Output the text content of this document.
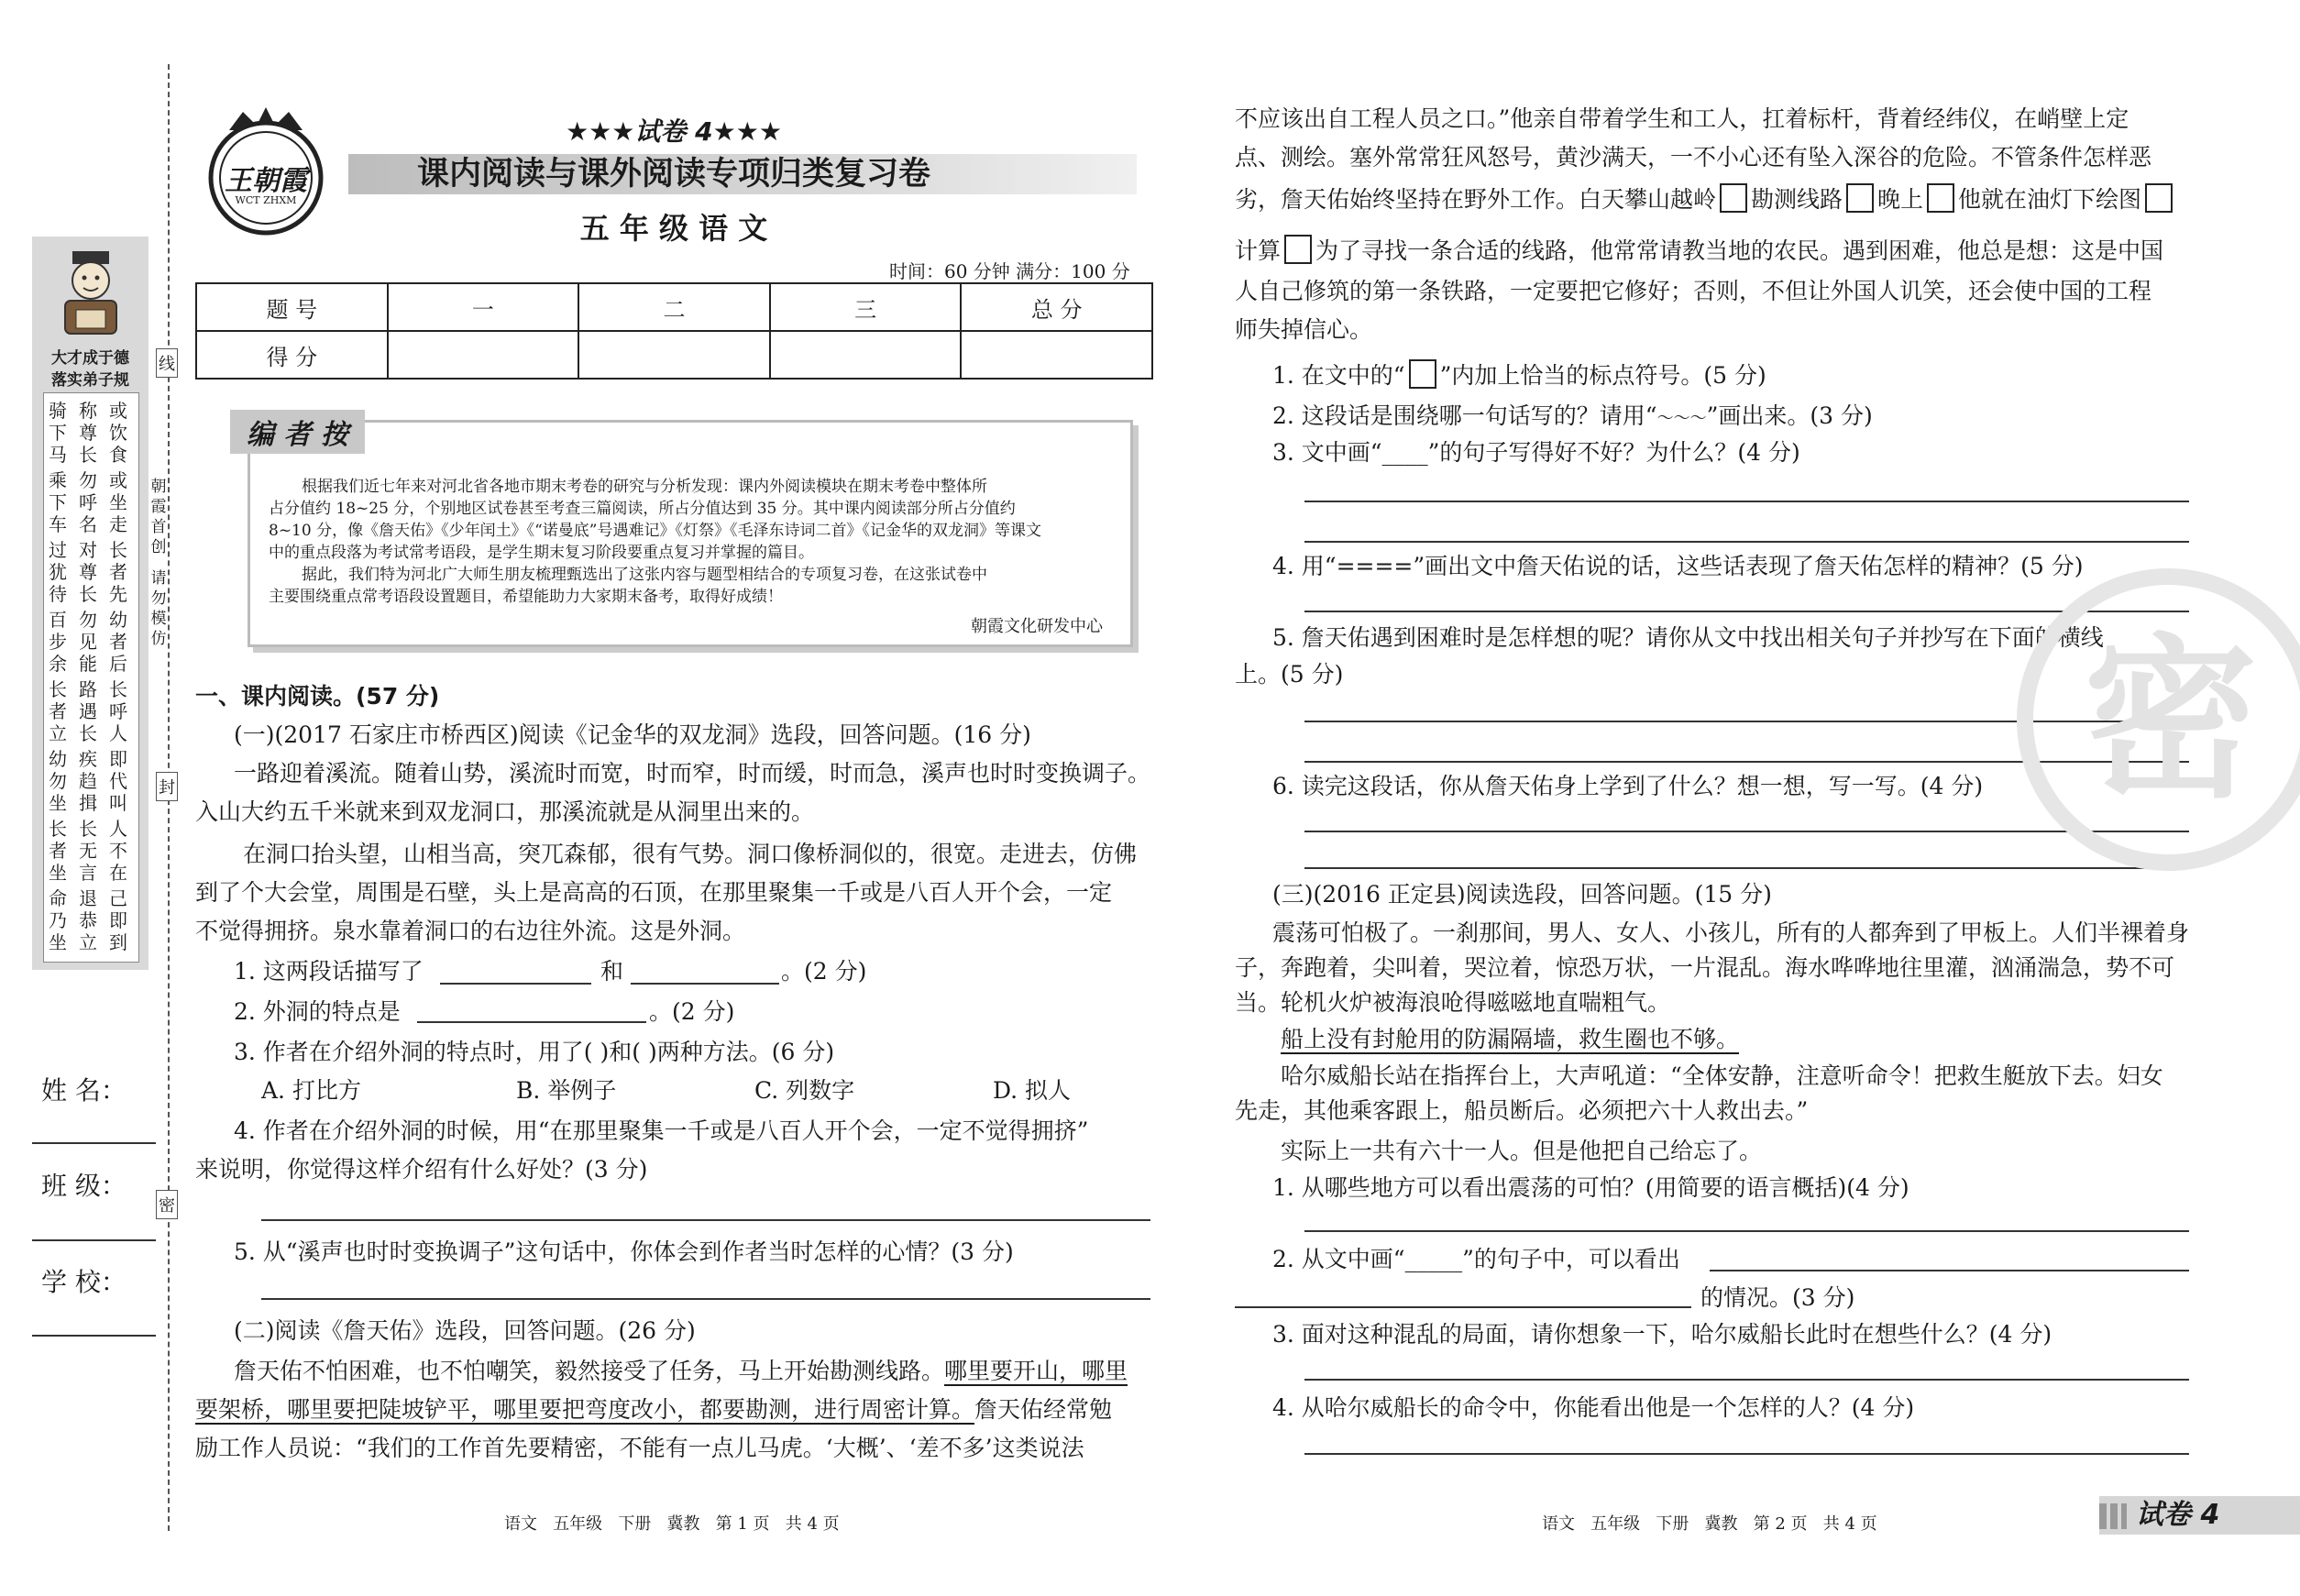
线
封
密
朝霞首创
请勿模仿
大才成于德
落实弟子规
骑下马
称尊长
或饮食
乘下车
勿呼名
或坐走
过犹待
对尊长
长者先
百步余
勿见能
幼者后
长者立
路遇长
长呼人
幼勿坐
疾趋揖
即代叫
长者坐
长无言
人不在
命乃坐
退恭立
己即到
姓 名：
班 级：
学 校：
王朝霞
WCT ZHXM
★★★试卷 4★★★
课内阅读与课外阅读专项归类复习卷
五 年 级 语 文
时间：60 分钟 满分：100 分
题 号	一	二	三	总 分
得 分				
编 者 按
根据我们近七年来对河北省各地市期末考卷的研究与分析发现：课内外阅读模块在期末考卷中整体所
占分值约 18~25 分，个别地区试卷甚至考查三篇阅读，所占分值达到 35 分。其中课内阅读部分所占分值约
8~10 分，像《詹天佑》《少年闰土》《“诺曼底”号遇难记》《灯祭》《毛泽东诗词二首》《记金华的双龙洞》等课文
中的重点段落为考试常考语段，是学生期末复习阶段要重点复习并掌握的篇目。
据此，我们特为河北广大师生朋友梳理甄选出了这张内容与题型相结合的专项复习卷，在这张试卷中
主要围绕重点常考语段设置题目，希望能助力大家期末备考，取得好成绩！
朝霞文化研发中心
一、课内阅读。(57 分)
(一)(2017 石家庄市桥西区)阅读《记金华的双龙洞》选段，回答问题。(16 分)
一路迎着溪流。随着山势，溪流时而宽，时而窄，时而缓，时而急，溪声也时时变换调子。
入山大约五千米就来到双龙洞口，那溪流就是从洞里出来的。
在洞口抬头望，山相当高，突兀森郁，很有气势。洞口像桥洞似的，很宽。走进去，仿佛
到了个大会堂，周围是石壁，头上是高高的石顶，在那里聚集一千或是八百人开个会，一定
不觉得拥挤。泉水靠着洞口的右边往外流。这是外洞。
1. 这两段话描写了	和	。(2 分)
2. 外洞的特点是	。(2 分)
3. 作者在介绍外洞的特点时，用了( )和( )两种方法。(6 分)
A. 打比方	B. 举例子	C. 列数字	D. 拟人
4. 作者在介绍外洞的时候，用“在那里聚集一千或是八百人开个会，一定不觉得拥挤”
来说明，你觉得这样介绍有什么好处？(3 分)
5. 从“溪声也时时变换调子”这句话中，你体会到作者当时怎样的心情？(3 分)
(二)阅读《詹天佑》选段，回答问题。(26 分)
詹天佑不怕困难，也不怕嘲笑，毅然接受了任务，马上开始勘测线路。哪里要开山，哪里
要架桥，哪里要把陡坡铲平，哪里要把弯度改小，都要勘测，进行周密计算。詹天佑经常勉
励工作人员说：“我们的工作首先要精密，不能有一点儿马虎。‘大概’、‘差不多’这类说法
语文   五年级   下册   冀教   第 1 页   共 4 页
不应该出自工程人员之口。”他亲自带着学生和工人，扛着标杆，背着经纬仪，在峭壁上定
点、测绘。塞外常常狂风怒号，黄沙满天，一不小心还有坠入深谷的危险。不管条件怎样恶
劣，詹天佑始终坚持在野外工作。白天攀山越岭 勘测线路 晚上 他就在油灯下绘图
计算 为了寻找一条合适的线路，他常常请教当地的农民。遇到困难，他总是想：这是中国
人自己修筑的第一条铁路，一定要把它修好；否则，不但让外国人讥笑，还会使中国的工程
师失掉信心。
1. 在文中的“ ”内加上恰当的标点符号。(5 分)
2. 这段话是围绕哪一句话写的？请用“～～～”画出来。(3 分)
3. 文中画“____”的句子写得好不好？为什么？(4 分)
4. 用“====”画出文中詹天佑说的话，这些话表现了詹天佑怎样的精神？(5 分)
5. 詹天佑遇到困难时是怎样想的呢？请你从文中找出相关句子并抄写在下面的横线
上。(5 分)
6. 读完这段话，你从詹天佑身上学到了什么？想一想，写一写。(4 分)
(三)(2016 正定县)阅读选段，回答问题。(15 分)
震荡可怕极了。一刹那间，男人、女人、小孩儿，所有的人都奔到了甲板上。人们半裸着身
子，奔跑着，尖叫着，哭泣着，惊恐万状，一片混乱。海水哗哗地往里灌，汹涌湍急，势不可
当。轮机火炉被海浪呛得嗞嗞地直喘粗气。
船上没有封舱用的防漏隔墙，救生圈也不够。
哈尔威船长站在指挥台上，大声吼道：“全体安静，注意听命令！把救生艇放下去。妇女
先走，其他乘客跟上，船员断后。必须把六十人救出去。”
实际上一共有六十一人。但是他把自己给忘了。
1. 从哪些地方可以看出震荡的可怕？(用简要的语言概括)(4 分)
2. 从文中画“_____”的句子中，可以看出
的情况。(3 分)
3. 面对这种混乱的局面，请你想象一下，哈尔威船长此时在想些什么？(4 分)
4. 从哈尔威船长的命令中，你能看出他是一个怎样的人？(4 分)
语文   五年级   下册   冀教   第 2 页   共 4 页
密
试卷 4
